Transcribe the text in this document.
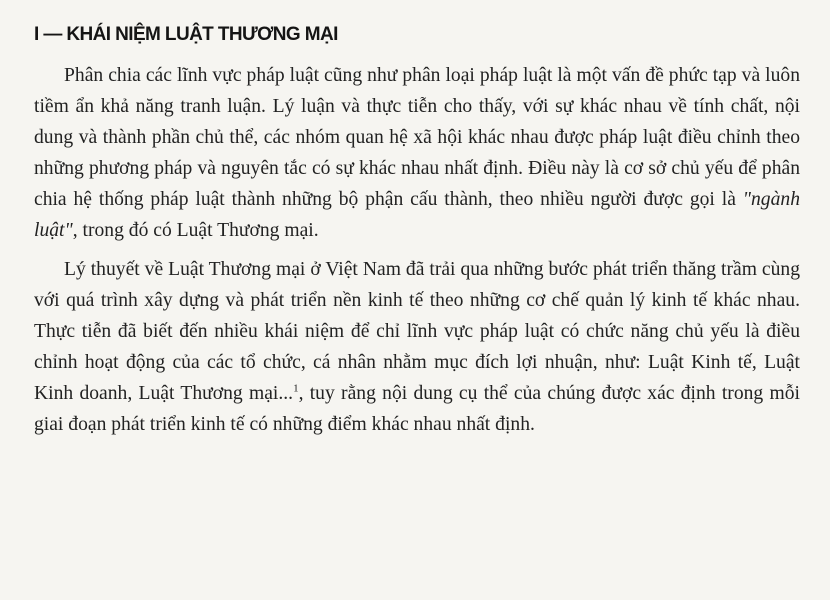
I — KHÁI NIỆM LUẬT THƯƠNG MẠI

Phân chia các lĩnh vực pháp luật cũng như phân loại pháp luật là một vấn đề phức tạp và luôn tiềm ẩn khả năng tranh luận. Lý luận và thực tiễn cho thấy, với sự khác nhau về tính chất, nội dung và thành phần chủ thể, các nhóm quan hệ xã hội khác nhau được pháp luật điều chỉnh theo những phương pháp và nguyên tắc có sự khác nhau nhất định. Điều này là cơ sở chủ yếu để phân chia hệ thống pháp luật thành những bộ phận cấu thành, theo nhiều người được gọi là "ngành luật", trong đó có Luật Thương mại.

Lý thuyết về Luật Thương mại ở Việt Nam đã trải qua những bước phát triển thăng trầm cùng với quá trình xây dựng và phát triển nền kinh tế theo những cơ chế quản lý kinh tế khác nhau. Thực tiễn đã biết đến nhiều khái niệm để chỉ lĩnh vực pháp luật có chức năng chủ yếu là điều chỉnh hoạt động của các tổ chức, cá nhân nhằm mục đích lợi nhuận, như: Luật Kinh tế, Luật Kinh doanh, Luật Thương mại...$^1$, tuy rằng nội dung cụ thể của chúng được xác định trong mỗi giai đoạn phát triển kinh tế có những điểm khác nhau nhất định.
